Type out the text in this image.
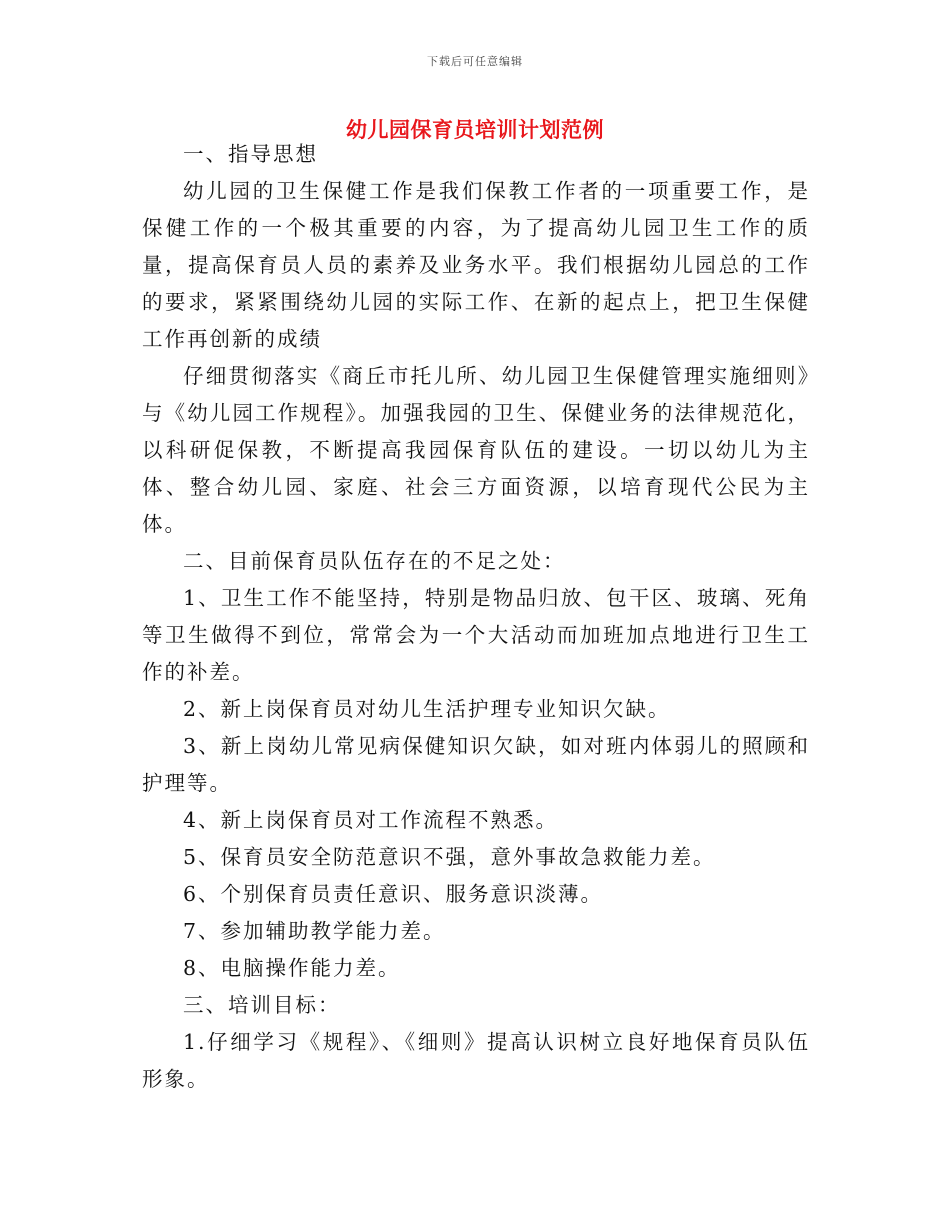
下载后可任意编辑
幼儿园保育员培训计划范例

一、指导思想

幼儿园的卫生保健工作是我们保教工作者的一项重要工作，是保健工作的一个极其重要的内容，为了提高幼儿园卫生工作的质量，提高保育员人员的素养及业务水平。我们根据幼儿园总的工作的要求，紧紧围绕幼儿园的实际工作、在新的起点上，把卫生保健工作再创新的成绩

仔细贯彻落实《商丘市托儿所、幼儿园卫生保健管理实施细则》与《幼儿园工作规程》。加强我园的卫生、保健业务的法律规范化，以科研促保教，不断提高我园保育队伍的建设。一切以幼儿为主体、整合幼儿园、家庭、社会三方面资源，以培育现代公民为主体。

二、目前保育员队伍存在的不足之处：

1、卫生工作不能坚持，特别是物品归放、包干区、玻璃、死角等卫生做得不到位，常常会为一个大活动而加班加点地进行卫生工作的补差。

2、新上岗保育员对幼儿生活护理专业知识欠缺。

3、新上岗幼儿常见病保健知识欠缺，如对班内体弱儿的照顾和护理等。

4、新上岗保育员对工作流程不熟悉。

5、保育员安全防范意识不强，意外事故急救能力差。

6、个别保育员责任意识、服务意识淡薄。

7、参加辅助教学能力差。

8、电脑操作能力差。

三、培训目标：

1.仔细学习《规程》、《细则》提高认识树立良好地保育员队伍形象。
